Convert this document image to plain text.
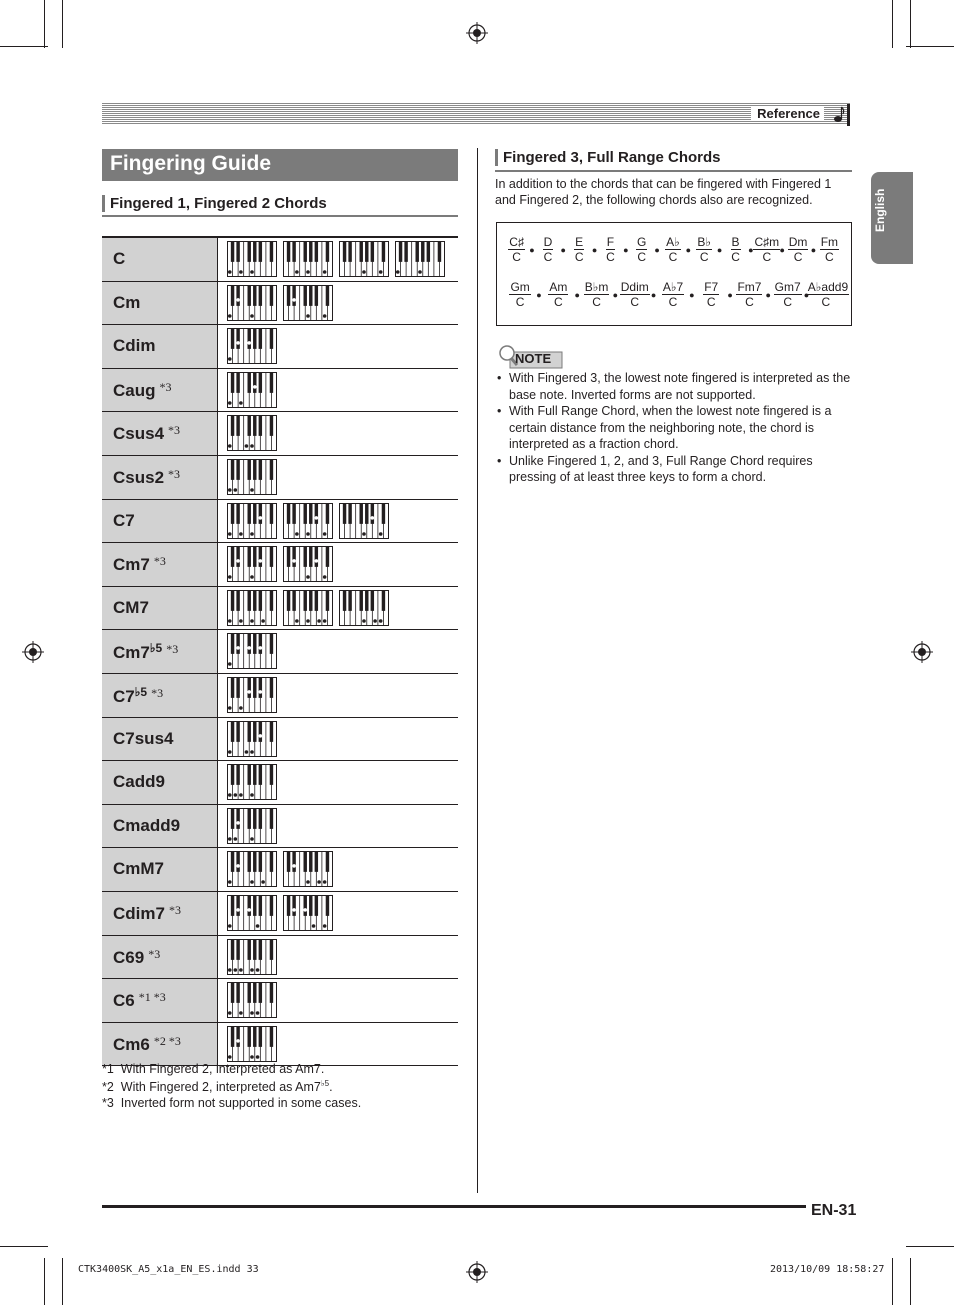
Reference
Fingering Guide
Fingered 1, Fingered 2 Chords
C
Cm
Cdim
Caug $^{*3}$
Csus4 $^{*3}$
Csus2 $^{*3}$
C7
Cm7 $^{*3}$
CM7
$Cm7^{♭5}$ $^{*3}$
$C7^{♭5}$ $^{*3}$
C7sus4
Cadd9
Cmadd9
CmM7
Cdim7 $^{*3}$
C69 $^{*3}$
C6 $^{*1 *3}$
Cm6 $^{*2 *3}$
*1 With Fingered 2, interpreted as Am7.
*2 With Fingered 2, interpreted as $Am7^{♭5}$.
*3 Inverted form not supported in some cases.
Fingered 3, Full Range Chords
In addition to the chords that can be fingered with Fingered 1 and Fingered 2, the following chords also are recognized.
$\frac{C♯}{C}$
●
$\frac{D}{C}$
●
$\frac{E}{C}$
●
$\frac{F}{C}$
●
$\frac{G}{C}$
●
$\frac{A♭}{C}$
●
$\frac{B♭}{C}$
●
$\frac{B}{C}$
●
$\frac{C♯m}{C}$
●
$\frac{Dm}{C}$
●
$\frac{Fm}{C}$
$\frac{Gm}{C}$
●
$\frac{Am}{C}$
●
$\frac{B♭m}{C}$
●
Ddim
C	●
$\frac{A♭7}{C}$
●
$\frac{F7}{C}$
●
$\frac{Fm7}{C}$
●
$\frac{Gm7}{C}$
●
A♭add9
C
NOTE
• With Fingered 3, the lowest note fingered is interpreted as the base note. Inverted forms are not supported.
• With Full Range Chord, when the lowest note fingered is a certain distance from the neighboring note, the chord is interpreted as a fraction chord.
• Unlike Fingered 1, 2, and 3, Full Range Chord requires pressing of at least three keys to form a chord.
English
EN-31
CTK3400SK_A5_x1a_EN_ES.indd 33	2013/10/09 18:58:27
